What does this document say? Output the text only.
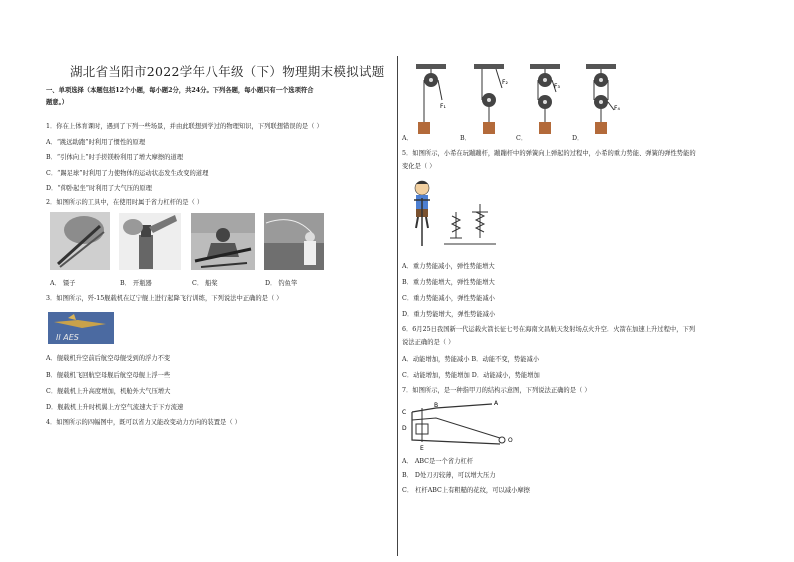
湖北省当阳市2022学年八年级（下）物理期末模拟试题
一、单项选择（本题包括12个小题，每小题2分，共24分。下列各题，每小题只有一个选项符合
题意。）
1．你在上体育课时，遇到了下列一些场景，并由此联想到学过的物理知识，下列联想错误的是（ ）
A．“跳远助跑”时利用了惯性的原理
B．“引体向上”时手搓镁粉利用了增大摩擦的道理
C．“踢足球”时利用了力使物体的运动状态发生改变的道理
D．“仰卧起坐”时利用了大气压的原理
2．如图所示的工具中，在使用时属于省力杠杆的是（ ）
A． 镊子	B． 开瓶器	C． 船桨	D． 钓鱼竿
3．如图所示，歼-15舰载机在辽宁舰上进行起降飞行训练，下列说法中正确的是（ ）
II AES
A．舰载机升空前后航空母舰受到的浮力不变
B．舰载机飞回航空母舰后航空母舰上浮一些
C．舰载机上升高度增加，机舱外大气压增大
D．舰载机上升时机翼上方空气流速大于下方流速
4．如图所示的四幅图中，既可以省力又能改变动力方向的装置是（ ）
F₁
F₂
F₃
F₄
A．	B．	C．	D．
5．如图所示，小希在玩蹦蹦杆，蹦蹦杆中的弹簧向上弹起的过程中，小希的重力势能、弹簧的弹性势能的
变化是（ ）
A．重力势能减小，弹性势能增大
B．重力势能增大，弹性势能增大
C．重力势能减小，弹性势能减小
D．重力势能增大，弹性势能减小
6．6月25日我国新一代运载火箭长征七号在海南文昌航天发射场点火升空．火箭在加速上升过程中，下列
说法正确的是（ ）
A．动能增加，势能减小 B．动能不变，势能减小
C．动能增加，势能增加 D．动能减小，势能增加
7．如图所示，是一种指甲刀的结构示意图，下列说法正确的是（ ）
A
B
C
D
E
O
A． ABC是一个省力杠杆
B． D处刀刃较薄，可以增大压力
C． 杠杆ABC上有粗糙的花纹，可以减小摩擦
